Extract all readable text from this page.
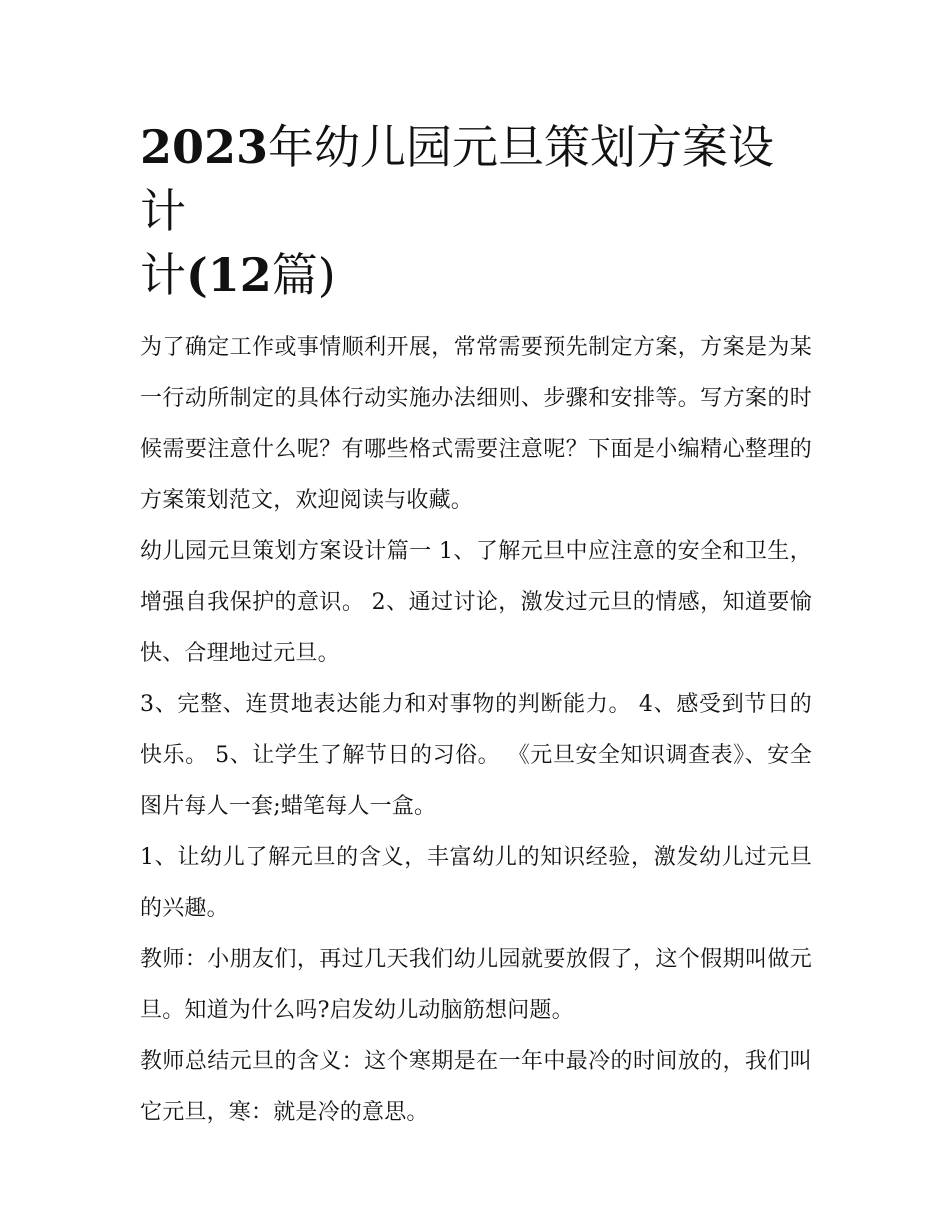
2023年幼儿园元旦策划方案设计
计(12篇)

为了确定工作或事情顺利开展，常常需要预先制定方案，方案是为某一行动所制定的具体行动实施办法细则、步骤和安排等。写方案的时候需要注意什么呢？有哪些格式需要注意呢？下面是小编精心整理的方案策划范文，欢迎阅读与收藏。

幼儿园元旦策划方案设计篇一 1、了解元旦中应注意的安全和卫生，增强自我保护的意识。 2、通过讨论，激发过元旦的情感，知道要愉快、合理地过元旦。

3、完整、连贯地表达能力和对事物的判断能力。 4、感受到节日的快乐。 5、让学生了解节日的习俗。 《元旦安全知识调查表》、安全图片每人一套;蜡笔每人一盒。

1、让幼儿了解元旦的含义，丰富幼儿的知识经验，激发幼儿过元旦的兴趣。

教师：小朋友们，再过几天我们幼儿园就要放假了，这个假期叫做元旦。知道为什么吗?启发幼儿动脑筋想问题。

教师总结元旦的含义：这个寒期是在一年中最冷的时间放的，我们叫它元旦，寒：就是冷的意思。
